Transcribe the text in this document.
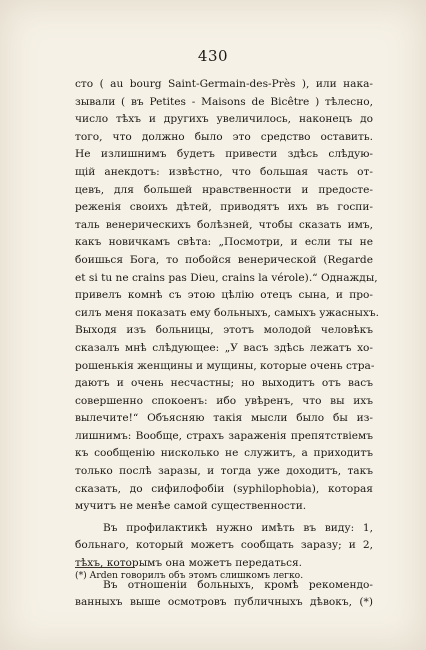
430
сто ( au bourg Saint-Germain-des-Près ), или нака-
зывали ( въ Petites - Maisons de Bicêtre ) тѣлесно,
число тѣхъ и другихъ увеличилось, наконецъ до
того, что должно было это средство оставить.
Не излишнимъ будетъ привести здѣсь слѣдую-
щій анекдотъ: извѣстно, что большая часть от-
цевъ, для большей нравственности и предосте-
реженія своихъ дѣтей, приводятъ ихъ въ госпи-
таль венерическихъ болѣзней, чтобы сказать имъ,
какъ новичкамъ свѣта: „Посмотри, и если ты не
боишься Бога, то побойся венерической (Regarde
et si tu ne crains pas Dieu, crains la vérole).“ Однажды,
привелъ комнѣ съ этою цѣлію отецъ сына, и про-
силъ меня показать ему больныхъ, самыхъ ужасныхъ.
Выходя изъ больницы, этотъ молодой человѣкъ
сказалъ мнѣ слѣдующее: „У васъ здѣсь лежатъ хо-
рошенькія женщины и мущины, которые очень стра-
даютъ и очень несчастны; но выходитъ отъ васъ
совершенно спокоенъ: ибо увѣренъ, что вы ихъ
вылечите!“ Объясняю такія мысли было бы из-
лишнимъ: Вообще, страхъ зараженія препятствіемъ
къ сообщенію нисколько не служитъ, а приходитъ
только послѣ заразы, и тогда уже доходитъ, такъ
сказать, до сифилофобіи (syphilophobia), которая
мучитъ не менѣе самой существенности.
Въ профилактикѣ нужно имѣть въ виду: 1,
больнаго, который можетъ сообщать заразу; и 2,
тѣхъ, которымъ она можетъ передаться.
Въ отношеніи больныхъ, кромѣ рекомендо-
ванныхъ выше осмотровъ публичныхъ дѣвокъ, (*)
(*) Arden говорилъ объ этомъ слишкомъ легко.
